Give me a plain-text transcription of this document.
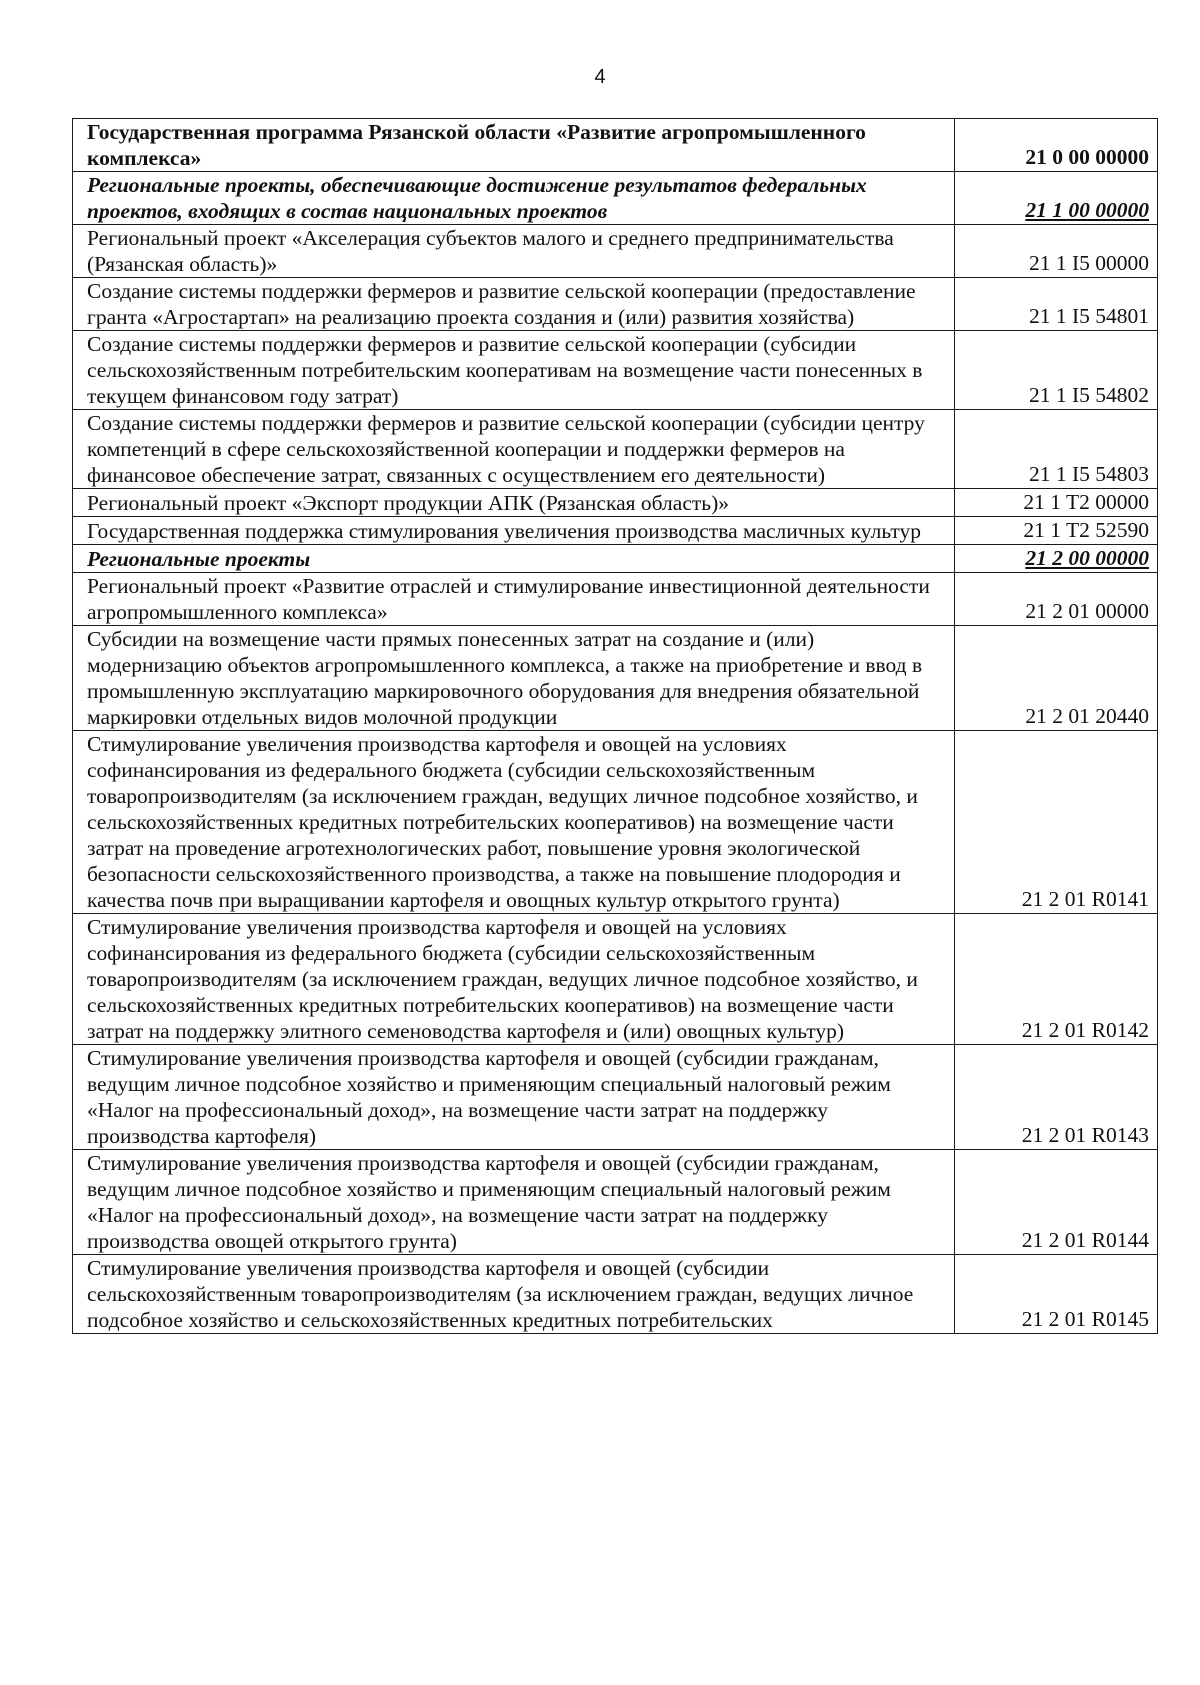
4
Государственная программа Рязанской области «Развитие агропромышленного комплекса»	21 0 00 00000
Региональные проекты, обеспечивающие достижение результатов федеральных проектов, входящих в состав национальных проектов	21 1 00 00000
Региональный проект «Акселерация субъектов малого и среднего предпринимательства (Рязанская область)»	21 1 I5 00000
Создание системы поддержки фермеров и развитие сельской кооперации (предоставление гранта «Агростартап» на реализацию проекта создания и (или) развития хозяйства)	21 1 I5 54801
Создание системы поддержки фермеров и развитие сельской кооперации (субсидии сельскохозяйственным потребительским кооперативам на возмещение части понесенных в текущем финансовом году затрат)	21 1 I5 54802
Создание системы поддержки фермеров и развитие сельской кооперации (субсидии центру компетенций в сфере сельскохозяйственной кооперации и поддержки фермеров на финансовое обеспечение затрат, связанных с осуществлением его деятельности)	21 1 I5 54803
Региональный проект «Экспорт продукции АПК (Рязанская область)»	21 1 T2 00000
Государственная поддержка стимулирования увеличения производства масличных культур	21 1 T2 52590
Региональные проекты	21 2 00 00000
Региональный проект «Развитие отраслей и стимулирование инвестиционной деятельности агропромышленного комплекса»	21 2 01 00000
Субсидии на возмещение части прямых понесенных затрат на создание и (или) модернизацию объектов агропромышленного комплекса, а также на приобретение и ввод в промышленную эксплуатацию маркировочного оборудования для внедрения обязательной маркировки отдельных видов молочной продукции	21 2 01 20440
Стимулирование увеличения производства картофеля и овощей на условиях софинансирования из федерального бюджета (субсидии сельскохозяйственным товаропроизводителям (за исключением граждан, ведущих личное подсобное хозяйство, и сельскохозяйственных кредитных потребительских кооперативов) на возмещение части затрат на проведение агротехнологических работ, повышение уровня экологической безопасности сельскохозяйственного производства, а также на повышение плодородия и качества почв при выращивании картофеля и овощных культур открытого грунта)	21 2 01 R0141
Стимулирование увеличения производства картофеля и овощей на условиях софинансирования из федерального бюджета (субсидии сельскохозяйственным товаропроизводителям (за исключением граждан, ведущих личное подсобное хозяйство, и сельскохозяйственных кредитных потребительских кооперативов) на возмещение части затрат на поддержку элитного семеноводства картофеля и (или) овощных культур)	21 2 01 R0142
Стимулирование увеличения производства картофеля и овощей (субсидии гражданам, ведущим личное подсобное хозяйство и применяющим специальный налоговый режим «Налог на профессиональный доход», на возмещение части затрат на поддержку производства картофеля)	21 2 01 R0143
Стимулирование увеличения производства картофеля и овощей (субсидии гражданам, ведущим личное подсобное хозяйство и применяющим специальный налоговый режим «Налог на профессиональный доход», на возмещение части затрат на поддержку производства овощей открытого грунта)	21 2 01 R0144
Стимулирование увеличения производства картофеля и овощей (субсидии сельскохозяйственным товаропроизводителям (за исключением граждан, ведущих личное подсобное хозяйство и сельскохозяйственных кредитных потребительских	21 2 01 R0145
